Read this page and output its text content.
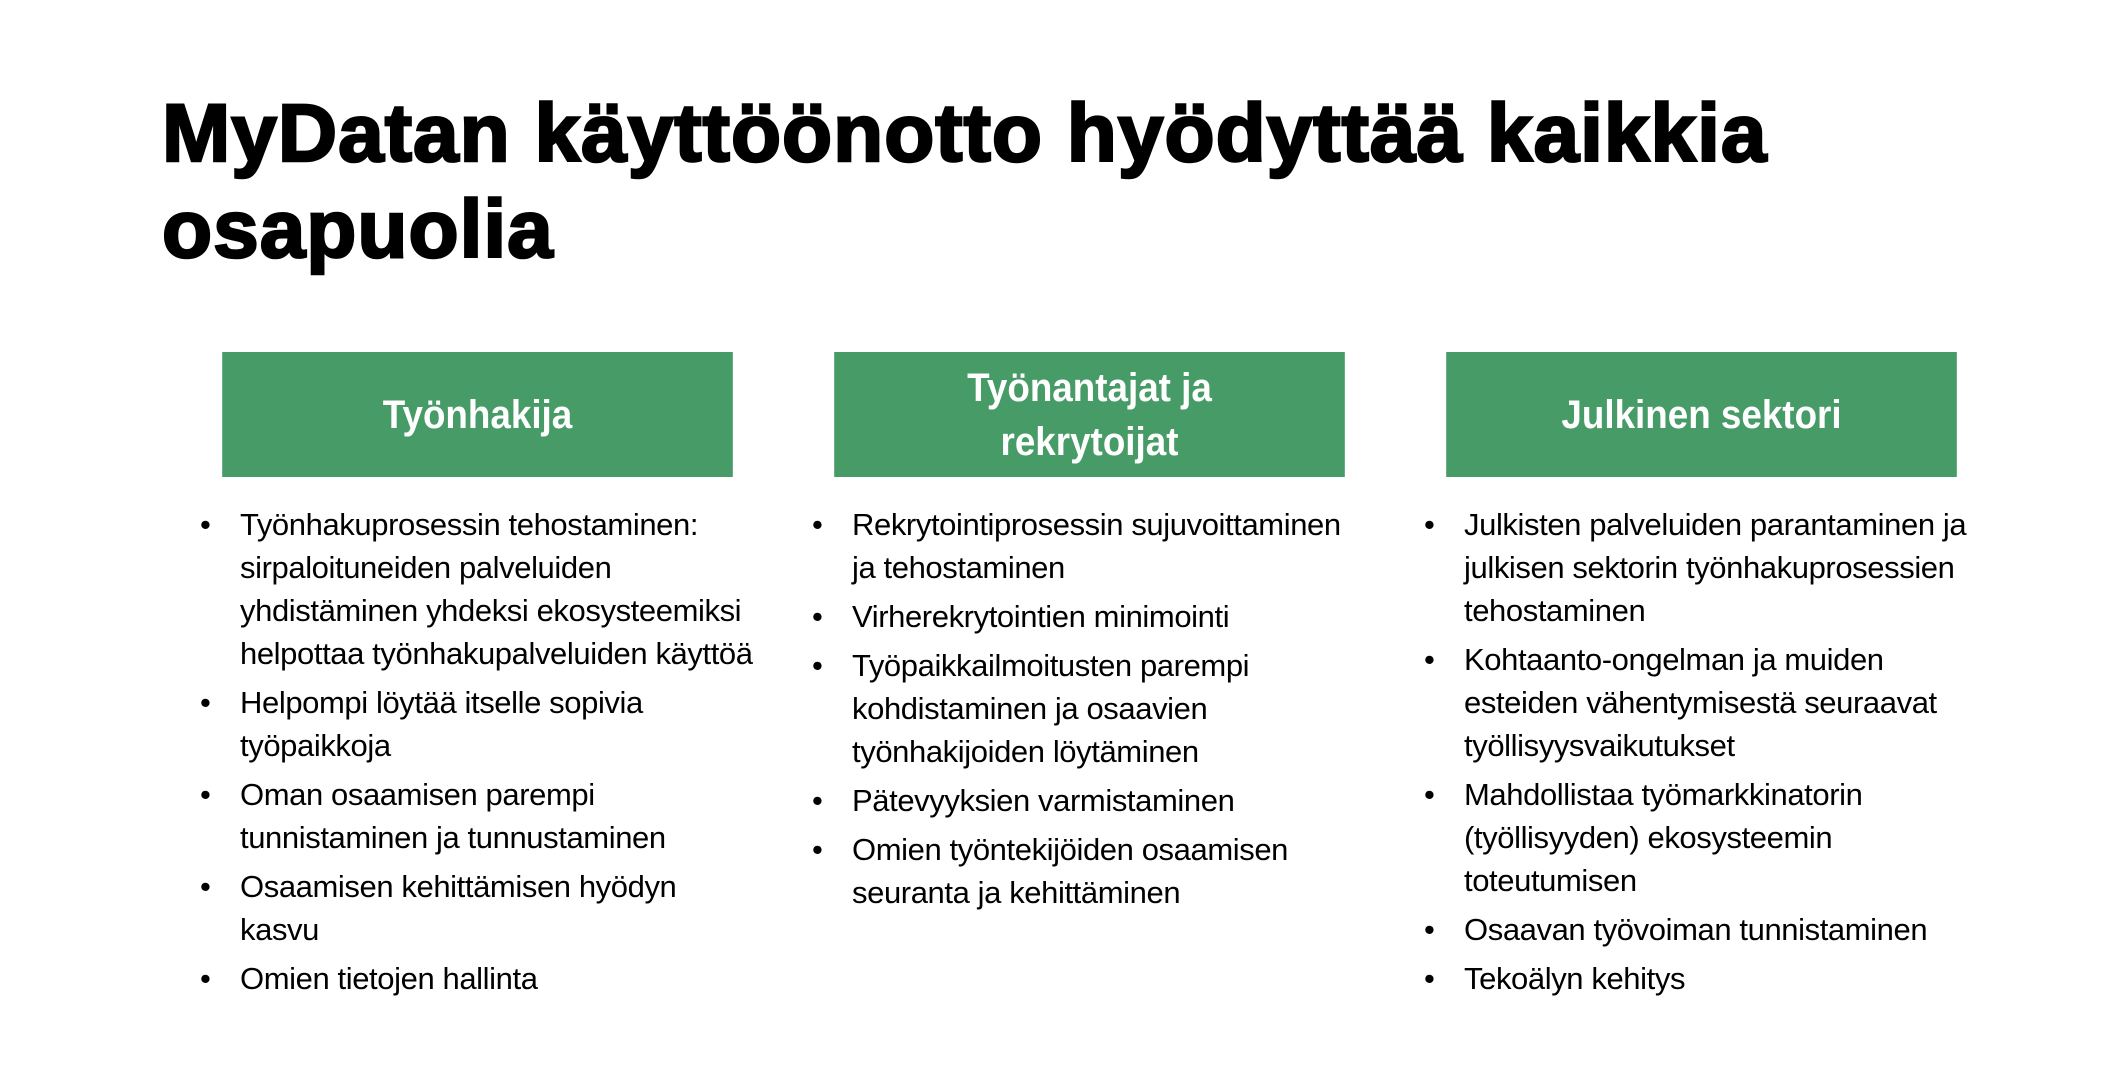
MyDatan käyttöönotto hyödyttää kaikkia osapuolia
Työnhakija
• Työnhakuprosessin tehostaminen: sirpaloituneiden palveluiden yhdistäminen yhdeksi ekosysteemiksi helpottaa työnhakupalveluiden käyttöä
• Helpompi löytää itselle sopivia työpaikkoja
• Oman osaamisen parempi tunnistaminen ja tunnustaminen
• Osaamisen kehittämisen hyödyn kasvu
• Omien tietojen hallinta
Työnantajat ja rekrytoijat
• Rekrytointiprosessin sujuvoittaminen ja tehostaminen
• Virherekrytointien minimointi
• Työpaikkailmoitusten parempi kohdistaminen ja osaavien työnhakijoiden löytäminen
• Pätevyyksien varmistaminen
• Omien työntekijöiden osaamisen seuranta ja kehittäminen
Julkinen sektori
• Julkisten palveluiden parantaminen ja julkisen sektorin työnhakuprosessien tehostaminen
• Kohtaanto-ongelman ja muiden esteiden vähentymisestä seuraavat työllisyysvaikutukset
• Mahdollistaa työmarkkinatorin (työllisyyden) ekosysteemin toteutumisen
• Osaavan työvoiman tunnistaminen
• Tekoälyn kehitys
